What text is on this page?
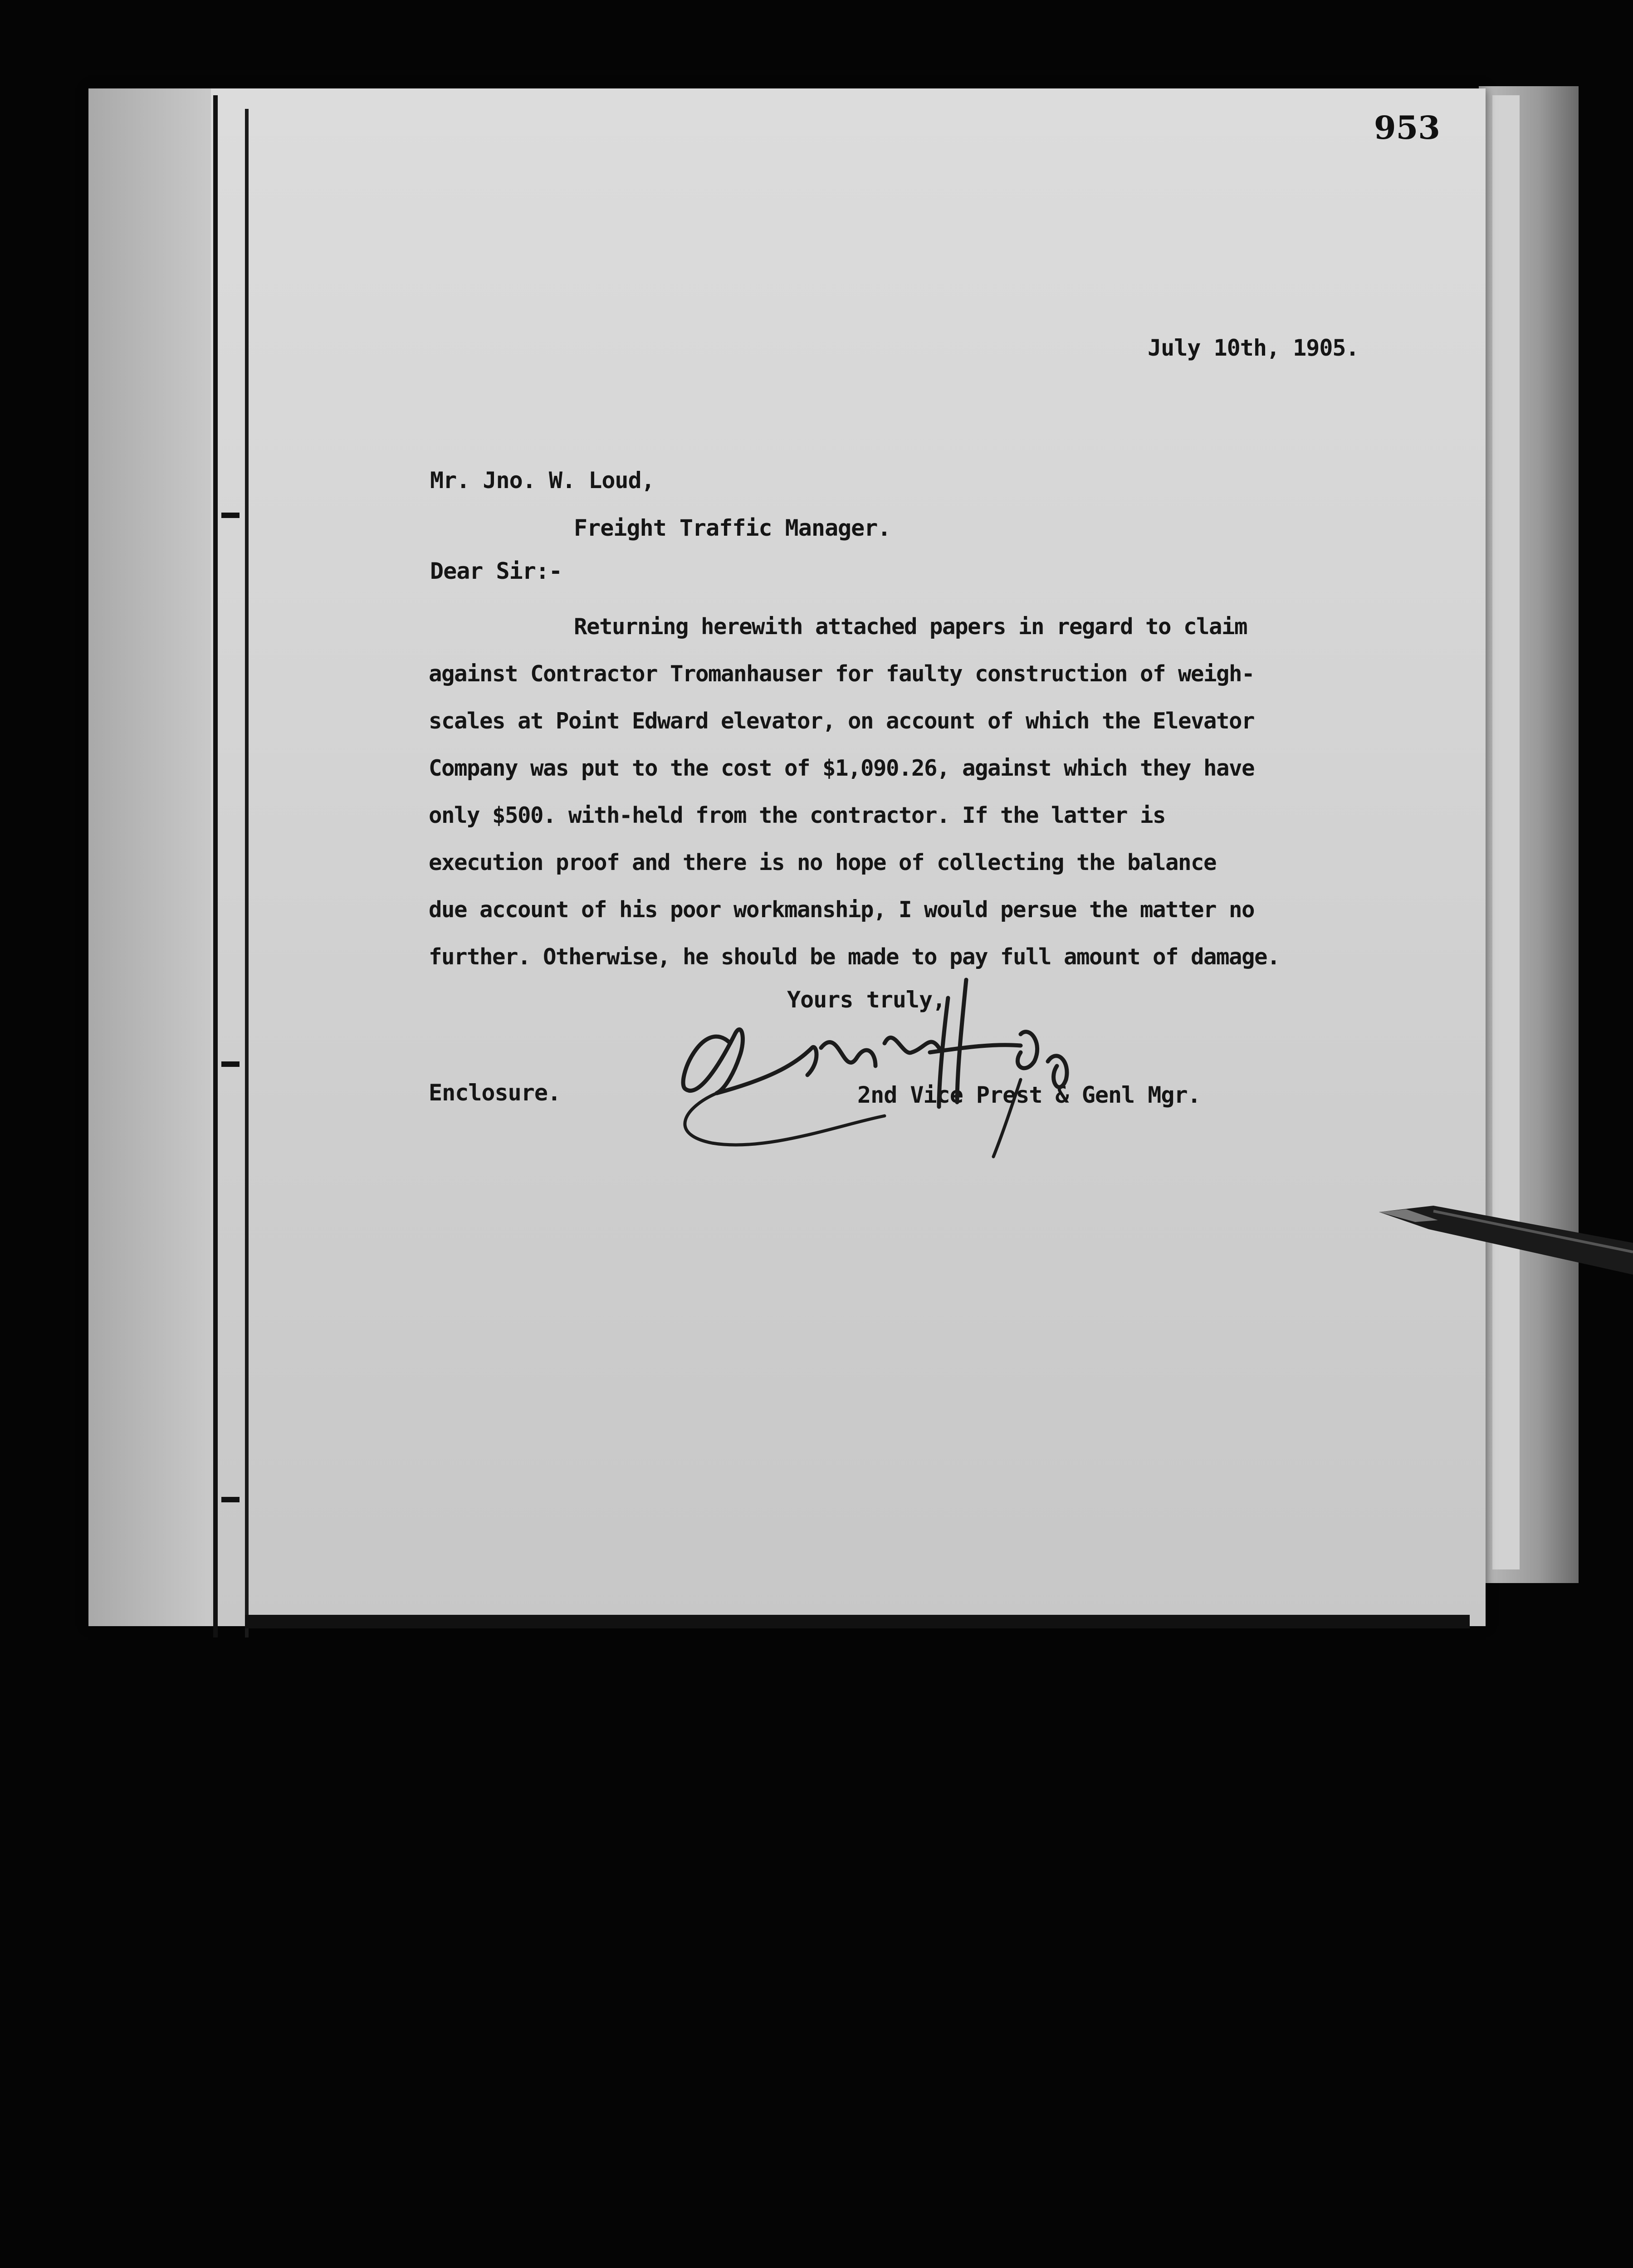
953
July 10th, 1905.
Mr. Jno. W. Loud,
Freight Traffic Manager.
Dear Sir:-
Returning herewith attached papers in regard to claim
against Contractor Tromanhauser for faulty construction of weigh-
scales at Point Edward elevator, on account of which the Elevator
Company was put to the cost of $1,090.26, against which they have
only $500. with-held from the contractor. If the latter is
execution proof and there is no hope of collecting the balance
due account of his poor workmanship, I would persue the matter no
further. Otherwise, he should be made to pay full amount of damage.
Yours truly,
Enclosure.	2nd Vice Prest & Genl Mgr.
